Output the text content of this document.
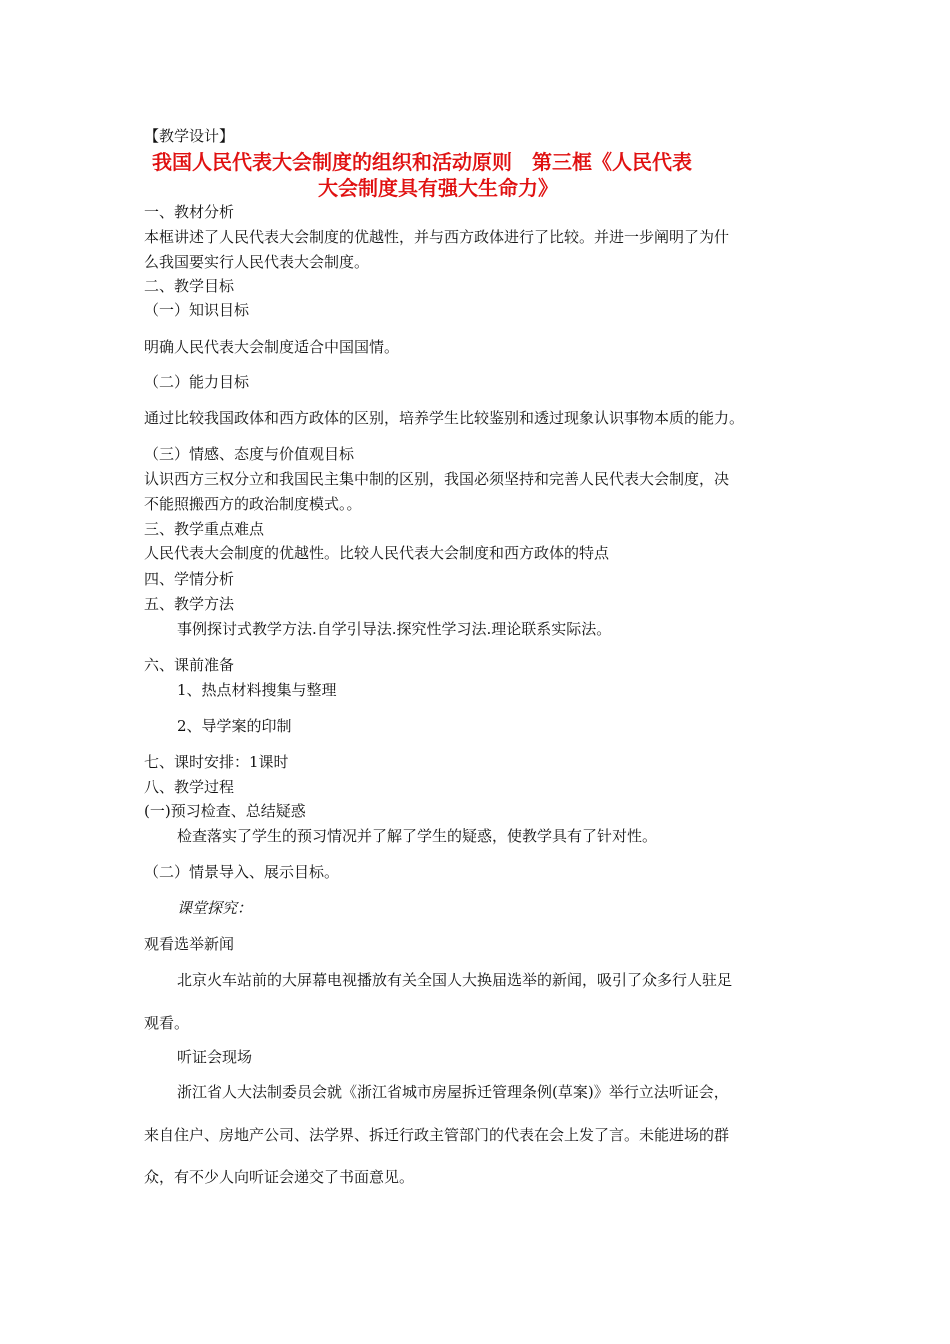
【教学设计】
我国人民代表大会制度的组织和活动原则　第三框《人民代表
大会制度具有强大生命力》
一、教材分析
本框讲述了人民代表大会制度的优越性，并与西方政体进行了比较。并进一步阐明了为什
么我国要实行人民代表大会制度。
二、教学目标
（一）知识目标
明确人民代表大会制度适合中国国情。
（二）能力目标
通过比较我国政体和西方政体的区别，培养学生比较鉴别和透过现象认识事物本质的能力。
（三）情感、态度与价值观目标
认识西方三权分立和我国民主集中制的区别，我国必须坚持和完善人民代表大会制度，决
不能照搬西方的政治制度模式。。
三、教学重点难点
人民代表大会制度的优越性。比较人民代表大会制度和西方政体的特点
四、学情分析
五、教学方法
事例探讨式教学方法.自学引导法.探究性学习法.理论联系实际法。
六、课前准备
1、热点材料搜集与整理
2、导学案的印制
七、课时安排：1课时
八、教学过程
(一)预习检查、总结疑惑
检查落实了学生的预习情况并了解了学生的疑惑，使教学具有了针对性。
（二）情景导入、展示目标。
课堂探究：
观看选举新闻
北京火车站前的大屏幕电视播放有关全国人大换届选举的新闻，吸引了众多行人驻足
观看。
听证会现场
浙江省人大法制委员会就《浙江省城市房屋拆迁管理条例(草案)》举行立法听证会，
来自住户、房地产公司、法学界、拆迁行政主管部门的代表在会上发了言。未能进场的群
众，有不少人向听证会递交了书面意见。
